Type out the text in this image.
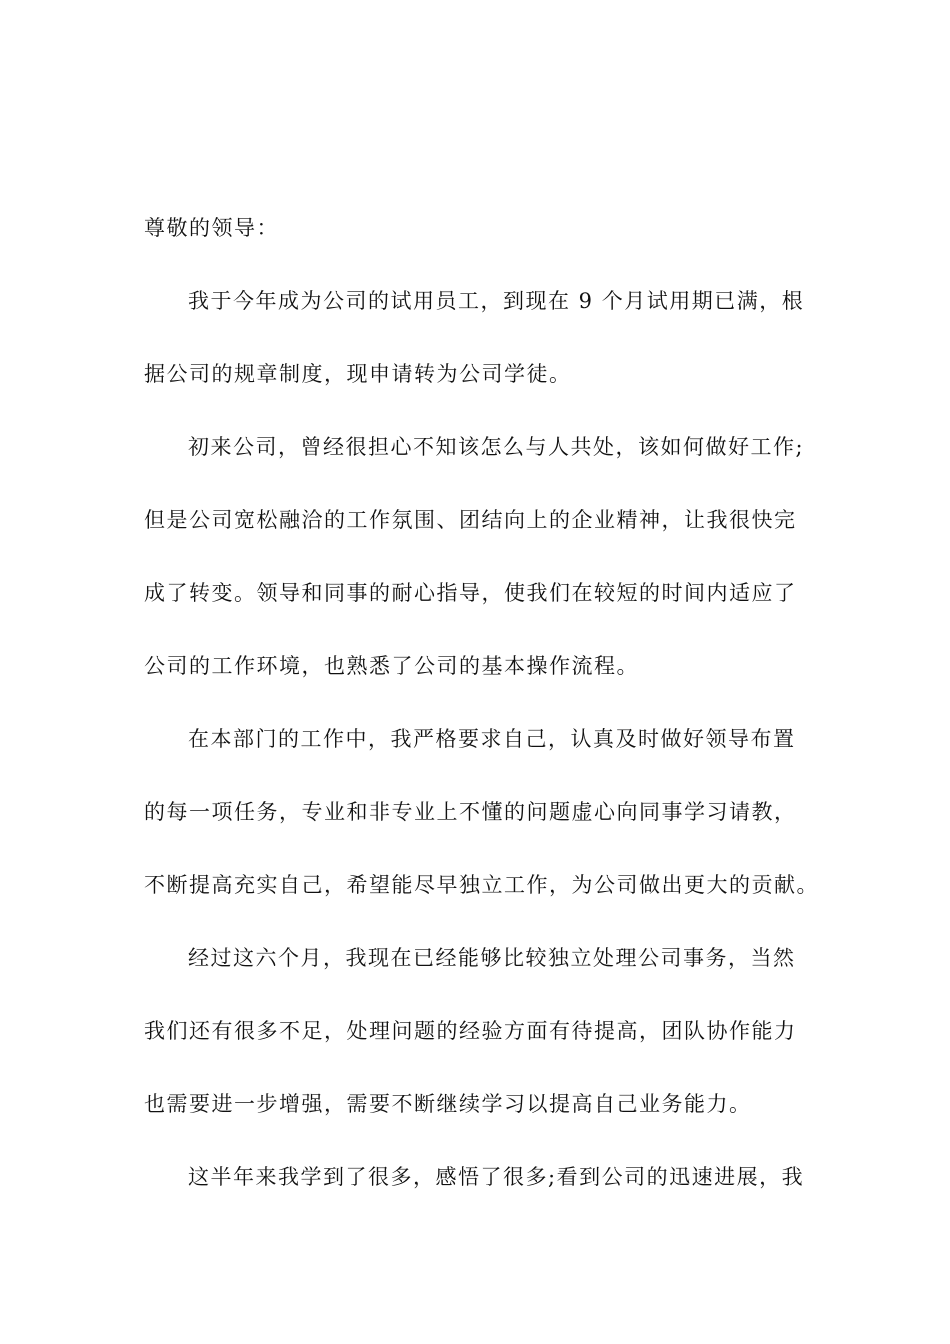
尊敬的领导：
我于今年成为公司的试用员工，到现在 9 个月试用期已满，根
据公司的规章制度，现申请转为公司学徒。
初来公司，曾经很担心不知该怎么与人共处，该如何做好工作;
但是公司宽松融洽的工作氛围、团结向上的企业精神，让我很快完
成了转变。领导和同事的耐心指导，使我们在较短的时间内适应了
公司的工作环境，也熟悉了公司的基本操作流程。
在本部门的工作中，我严格要求自己，认真及时做好领导布置
的每一项任务，专业和非专业上不懂的问题虚心向同事学习请教，
不断提高充实自己，希望能尽早独立工作，为公司做出更大的贡献。
经过这六个月，我现在已经能够比较独立处理公司事务，当然
我们还有很多不足，处理问题的经验方面有待提高，团队协作能力
也需要进一步增强，需要不断继续学习以提高自己业务能力。
这半年来我学到了很多，感悟了很多;看到公司的迅速进展，我
